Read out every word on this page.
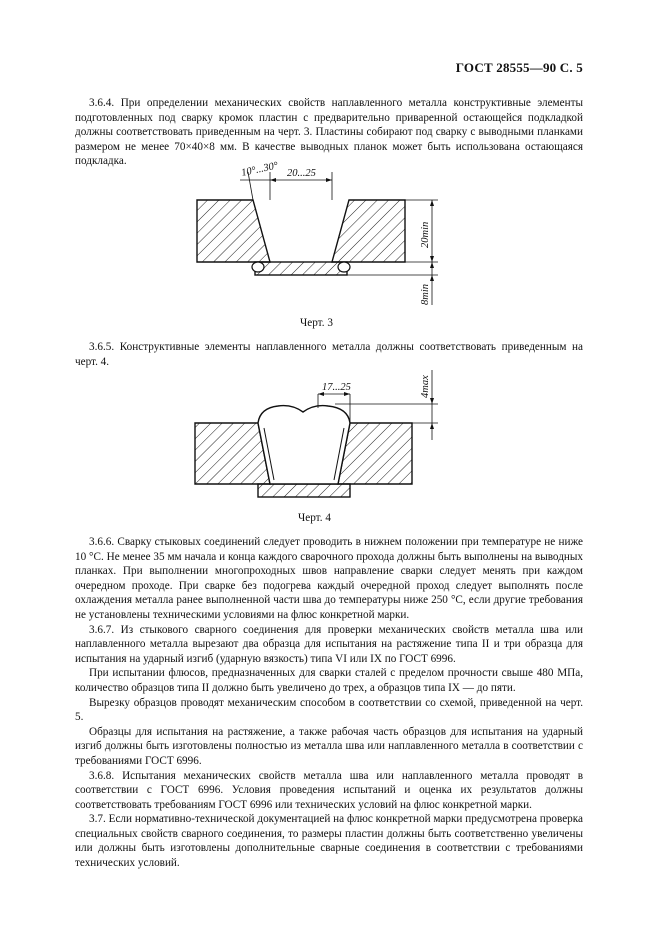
ГОСТ 28555—90 С. 5
3.6.4. При определении механических свойств наплавленного металла конструктивные элементы подготовленных под сварку кромок пластин с предварительно приваренной остающейся подкладкой должны соответствовать приведенным на черт. 3. Пластины собирают под сварку с выводными планками размером не менее 70×40×8 мм. В качестве выводных планок может быть использована остающаяся подкладка.	10°...30° 20...25
20min
8min
Черт. 3
3.6.5. Конструктивные элементы наплавленного металла должны соответствовать приведенным на черт. 4.
17...25	4max
Черт. 4

3.6.6. Сварку стыковых соединений следует проводить в нижнем положении при температуре не ниже 10 °С. Не менее 35 мм начала и конца каждого сварочного прохода должны быть выполнены на выводных планках. При выполнении многопроходных швов направление сварки следует менять при каждом очередном проходе. При сварке без подогрева каждый очередной проход следует выполнять после охлаждения металла ранее выполненной части шва до температуры ниже 250 °С, если другие требования не установлены техническими условиями на флюс конкретной марки.

3.6.7. Из стыкового сварного соединения для проверки механических свойств металла шва или наплавленного металла вырезают два образца для испытания на растяжение типа II и три образца для испытания на ударный изгиб (ударную вязкость) типа VI или IX по ГОСТ 6996.

При испытании флюсов, предназначенных для сварки сталей с пределом прочности свыше 480 МПа, количество образцов типа II должно быть увеличено до трех, а образцов типа IX — до пяти.

Вырезку образцов проводят механическим способом в соответствии со схемой, приведенной на черт. 5.

Образцы для испытания на растяжение, а также рабочая часть образцов для испытания на ударный изгиб должны быть изготовлены полностью из металла шва или наплавленного металла в соответствии с требованиями ГОСТ 6996.

3.6.8. Испытания механических свойств металла шва или наплавленного металла проводят в соответствии с ГОСТ 6996. Условия проведения испытаний и оценка их результатов должны соответствовать требованиям ГОСТ 6996 или технических условий на флюс конкретной марки.

3.7. Если нормативно-технической документацией на флюс конкретной марки предусмотрена проверка специальных свойств сварного соединения, то размеры пластин должны быть соответственно увеличены или должны быть изготовлены дополнительные сварные соединения в соответствии с требованиями технических условий.
